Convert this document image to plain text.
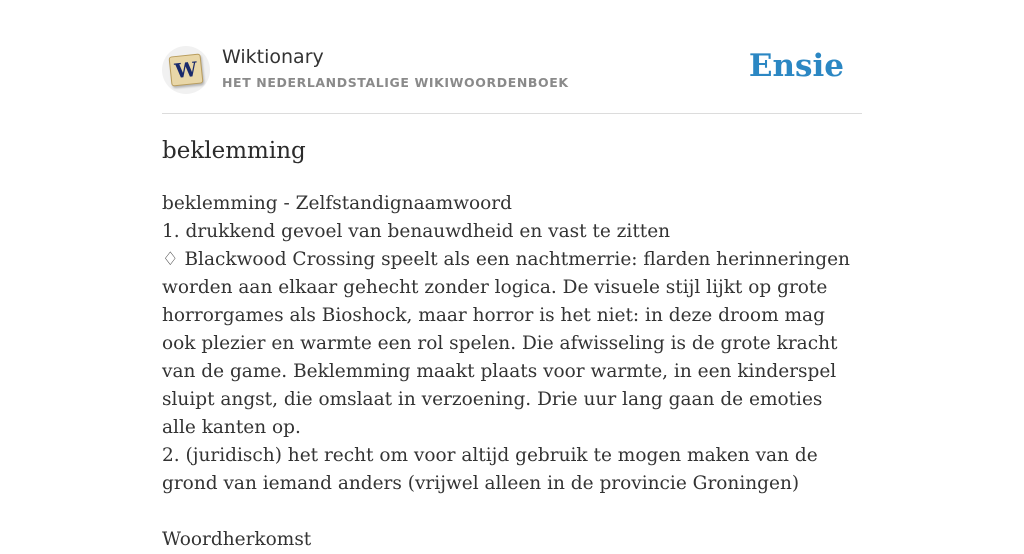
W Wiktionary
HET NEDERLANDSTALIGE WIKIWOORDENBOEK	Ensie
beklemming

beklemming - Zelfstandignaamwoord

1. drukkend gevoel van benauwdheid en vast te zitten

♢ Blackwood Crossing speelt als een nachtmerrie: flarden herinneringen worden aan elkaar gehecht zonder logica. De visuele stijl lijkt op grote horrorgames als Bioshock, maar horror is het niet: in deze droom mag ook plezier en warmte een rol spelen. Die afwisseling is de grote kracht van de game. Beklemming maakt plaats voor warmte, in een kinderspel sluipt angst, die omslaat in verzoening. Drie uur lang gaan de emoties alle kanten op.

2. (juridisch) het recht om voor altijd gebruik te mogen maken van de grond van iemand anders (vrijwel alleen in de provincie Groningen)

Woordherkomst
